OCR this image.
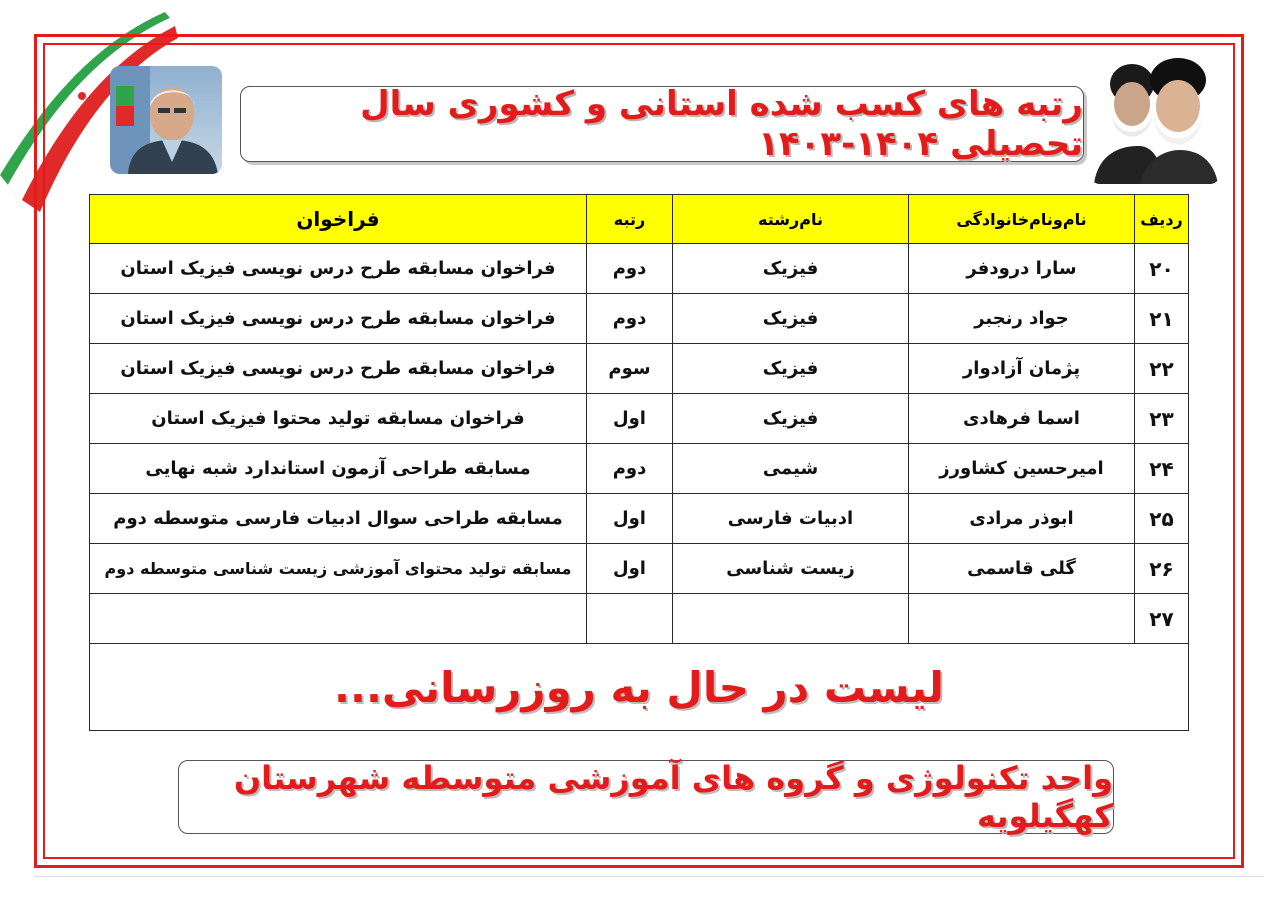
رتبه های کسب شده استانی و کشوری سال تحصیلی ۱۴۰۴-۱۴۰۳
ردیف	نام‌ونام‌خانوادگی	نام‌رشته	رتبه	فراخوان
۲۰	سارا درودفر	فیزیک	دوم	فراخوان مسابقه طرح درس نویسی فیزیک استان
۲۱	جواد رنجبر	فیزیک	دوم	فراخوان مسابقه طرح درس نویسی فیزیک استان
۲۲	پژمان آزادوار	فیزیک	سوم	فراخوان مسابقه طرح درس نویسی فیزیک استان
۲۳	اسما فرهادی	فیزیک	اول	فراخوان مسابقه تولید محتوا فیزیک استان
۲۴	امیرحسین کشاورز	شیمی	دوم	مسابقه طراحی آزمون استاندارد شبه نهایی
۲۵	ابوذر مرادی	ادبیات فارسی	اول	مسابقه طراحی سوال ادبیات فارسی متوسطه دوم
۲۶	گلی قاسمی	زیست شناسی	اول	مسابقه تولید محتوای آموزشی زیست شناسی متوسطه دوم
۲۷				
لیست در حال به روزرسانی...				
واحد تکنولوژی و گروه های آموزشی متوسطه شهرستان کهگیلویه
